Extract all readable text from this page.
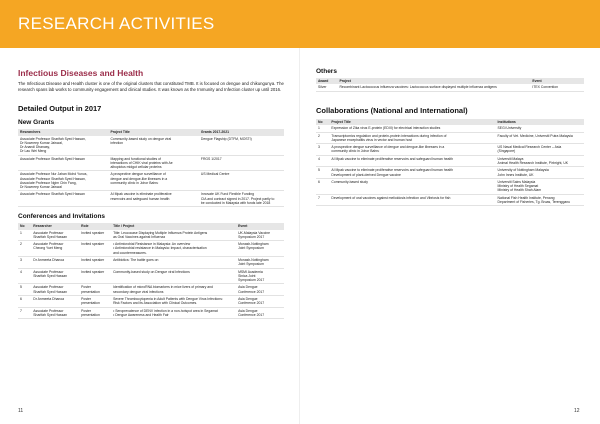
RESEARCH ACTIVITIES
Infectious Diseases and Health

The Infectious Disease and Health cluster is one of the original clusters that constituted TMB. It is focused on dengue and chikungunya. The research spans lab works to community engagement and clinical studies. It was known as the Immunity and Infection cluster up until 2016.

Detailed Output in 2017
New Grants
Researchers	Project Title	Grants 2017-2021

Associate Professor Sharifah Syed Hassan,
Dr Nowneep Kumar Jaiswal,
Dr Anandi Dhanasy,
Dr Lau Wei Meng	Community-based study on dengue viral
infection	Dengue Flagship (DTFM, MOSTI)

Associate Professor Sharifah Syed Hassan	Mapping and functional studies of
interactions of CHIK viral proteins with Ae
albopictus midgut cellular proteins	FRGS 1/2017

Associate Professor Nur Jahan Mohd Yunus,
Associate Professor Sharifah Syed Hassan,
Associate Professor Ngim Chin Fang,
Dr Nowneep Kumar Jaiswal	A prospective dengue surveillance of
dengue and dengue-like illnesses in a
community clinic in Johor Bahru	US Medical Centre

Associate Professor Sharifah Syed Hassan	AI Mpak vaccine is eliminate proliferative
reservoirs and safeguard human health	Innovate UK Fund Flexible Funding
CIA and contract signed in 2017. Project partly to
be conducted in Malaysia with funds late 2018
Conferences and Invitations
No	Researcher	Role	Title / Project	Event

1	Associate Professor
Sharifah Syed Hassan	Invited speaker	Title: Leucocase Displaying Multiple Influenza Protein Antigens
as Oral Vaccines against Influenza	UK-Malaysia Vaccine
Symposium 2017

2	Associate Professor
Cheong Yuet Meng	Invited speaker	• Antimicrobial Resistance in Malaysia: An overview
• Antimicrobial resistance in Malaysia: Impact, characterisation
and countermeasures.	Monash-Nottingham
Joint Symposium

3	Dr Anmeeta Dhanoa	Invited speaker	Antibiotics: The battle goes on	Monash-Nottingham
Joint Symposium

4	Associate Professor
Sharifah Syed Hassan	Invited speaker	Community-based study on Dengue viral Infections	MSMI Academia
Sinica Joint
Symposium 2017

5	Associate Professor
Sharifah Syed Hassan	Poster
presentation	Identification of microRNA biomarkers in mice livers of primary and
secondary dengue viral infections	Asia Dengue
Conference 2017

6	Dr Anmeeta Dhanoa	Poster
presentation	Severe Thrombocytopenia in Adult Patients with Dengue Virus Infections:
Risk Factors and its Association with Clinical Outcomes.	Asia Dengue
Conference 2017

7	Associate Professor
Sharifah Syed Hassan	Poster
presentation	• Seroprevalence of DENV infection in a non-hotspot area in Segamat
• Dengue Awareness and Health Fair	Asia Dengue
Conference 2017
11
Others
Award	Project	Event

Silver	Recombinant Lactococcus influenza vaccines: Lactococcus surface displayed multiple influenza antigens	ITEX Convention
Collaborations (National and International)
No	Project Title	Institutions

1	Expression of Zika virus E-protein (EDIII) for electrical interaction studies	SEGi University

2	Transcriptomics regulation and protein-protein interactions during infection of
Japanese encephalitis virus in vector and human host	Faculty of Vet. Medicine, Universiti Putra Malaysia

3	A prospective dengue surveillance of dengue and dengue-like illnesses in a
community clinic in Johor Bahru	US Naval Medical Research Center – Asia
(Singapore)

4	AI Mpak vaccine to eliminate proliferative reservoirs and safeguard human health	Universiti Malaya
Animal Health Research Institute, Pirbright, UK

5	AI Mpak vaccine to eliminate proliferative reservoirs and safeguard human health
Development of plant-derived Dengue vaccine	University of Nottingham Malaysia
John Innes Institute, UK

6	Community-based study	Universiti Sains Malaysia
Ministry of Health Segamat
Ministry of Health Shah Alam

7	Development of oral vaccines against melioidosis infection and Vibriosis for fish	National Fish Health Institute, Penang
Department of Fisheries, Tg. Bruas, Terengganu
12
